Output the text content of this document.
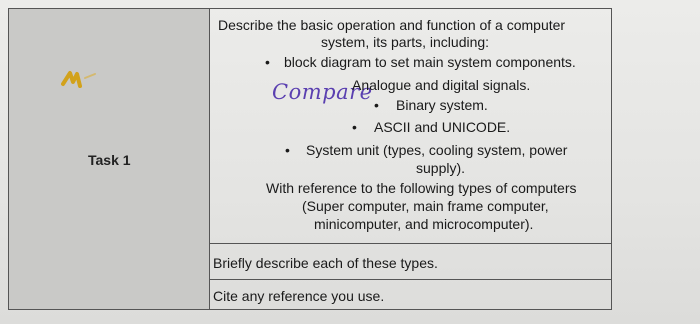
Task 1
Describe the basic operation and function of a computer
system, its parts, including:
• block diagram to set main system components.
Compare
Analogue and digital signals.
• Binary system.
• ASCII and UNICODE.
• System unit (types, cooling system, power
supply).
With reference to the following types of computers
(Super computer, main frame computer,
minicomputer, and microcomputer).
Briefly describe each of these types.
Cite any reference you use.
